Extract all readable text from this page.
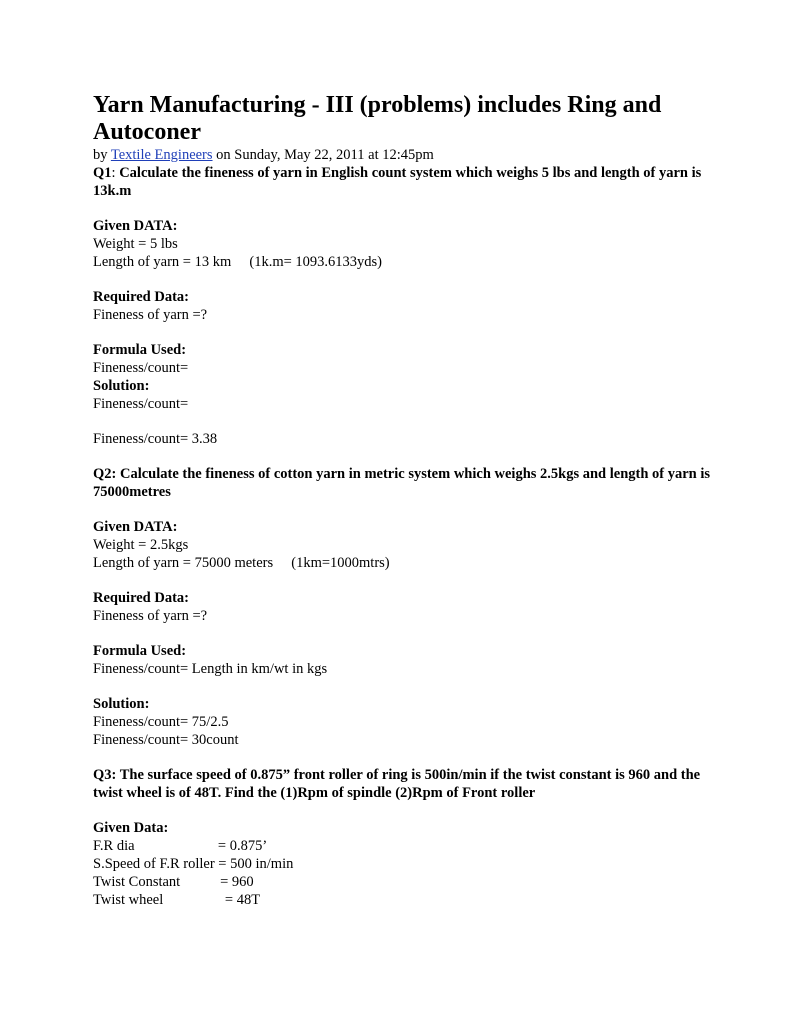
Yarn Manufacturing - III (problems) includes Ring and Autoconer

by Textile Engineers on Sunday, May 22, 2011 at 12:45pm

Q1: Calculate the fineness of yarn in English count system which weighs 5 lbs and length of yarn is 13k.m

Given DATA:

Weight = 5 lbs

Length of yarn = 13 km     (1k.m= 1093.6133yds)

Required Data:

Fineness of yarn =?

Formula Used:

Fineness/count=

Solution:

Fineness/count=

Fineness/count= 3.38

Q2: Calculate the fineness of cotton yarn in metric system which weighs 2.5kgs and length of yarn is 75000metres

Given DATA:

Weight = 2.5kgs

Length of yarn = 75000 meters     (1km=1000mtrs)

Required Data:

Fineness of yarn =?

Formula Used:

Fineness/count= Length in km/wt in kgs

Solution:

Fineness/count= 75/2.5

Fineness/count= 30count

Q3: The surface speed of 0.875” front roller of ring is 500in/min if the twist constant is 960 and the twist wheel is of 48T. Find the (1)Rpm of spindle (2)Rpm of Front roller

Given Data:

F.R dia                       = 0.875’

S.Speed of F.R roller = 500 in/min

Twist Constant           = 960

Twist wheel                 = 48T
